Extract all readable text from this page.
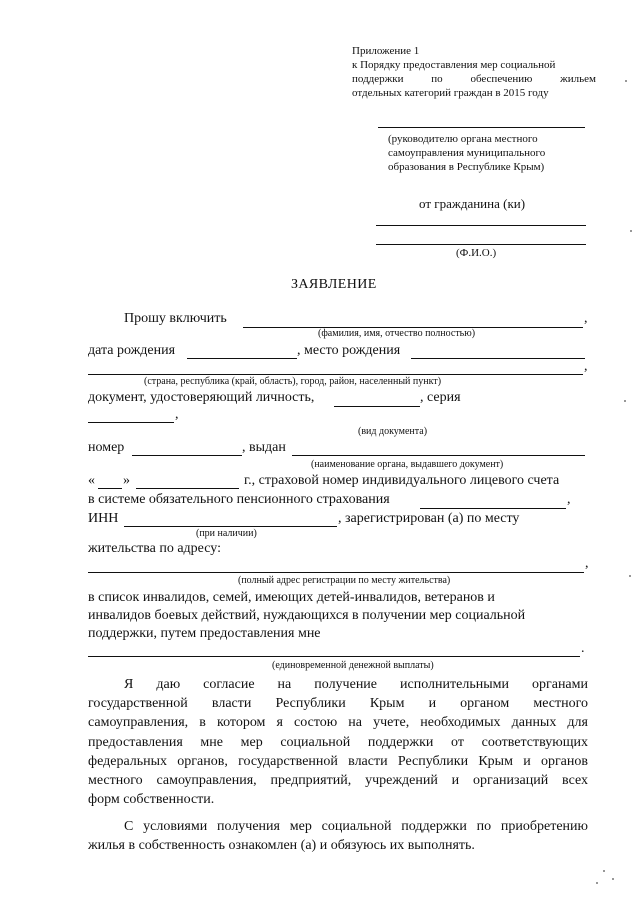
Приложение 1
к Порядку предоставления мер социальной
поддержки	по	обеспечению	жильем
отдельных категорий граждан в 2015 году
(руководителю органа местного
самоуправления муниципального
образования в Республике Крым)
от гражданина (ки)
(Ф.И.О.)
ЗАЯВЛЕНИЕ
Прошу включить	,
(фамилия, имя, отчество полностью)
дата рождения	, место рождения
,
(страна, республика (край, область), город, район, населенный пункт)
документ, удостоверяющий личность,	, серия
,
(вид документа)
номер	, выдан
(наименование органа, выдавшего документ)
« »	г., страховой номер индивидуального лицевого счета
в системе обязательного пенсионного страхования	,
ИНН	, зарегистрирован (а) по месту
(при наличии)
жительства по адресу:
,
(полный адрес регистрации по месту жительства)
в список инвалидов, семей, имеющих детей-инвалидов, ветеранов и
инвалидов боевых действий, нуждающихся в получении мер социальной
поддержки, путем предоставления мне
.
(единовременной денежной выплаты)
Я даю согласие на получение исполнительными органами
государственной власти Республики Крым и органом местного
самоуправления, в котором я состою на учете, необходимых данных для
предоставления мне мер социальной поддержки от соответствующих
федеральных органов, государственной власти Республики Крым и органов
местного самоуправления, предприятий, учреждений и организаций всех
форм собственности.
С условиями получения мер социальной поддержки по приобретению
жилья в собственность ознакомлен (а) и обязуюсь их выполнять.
